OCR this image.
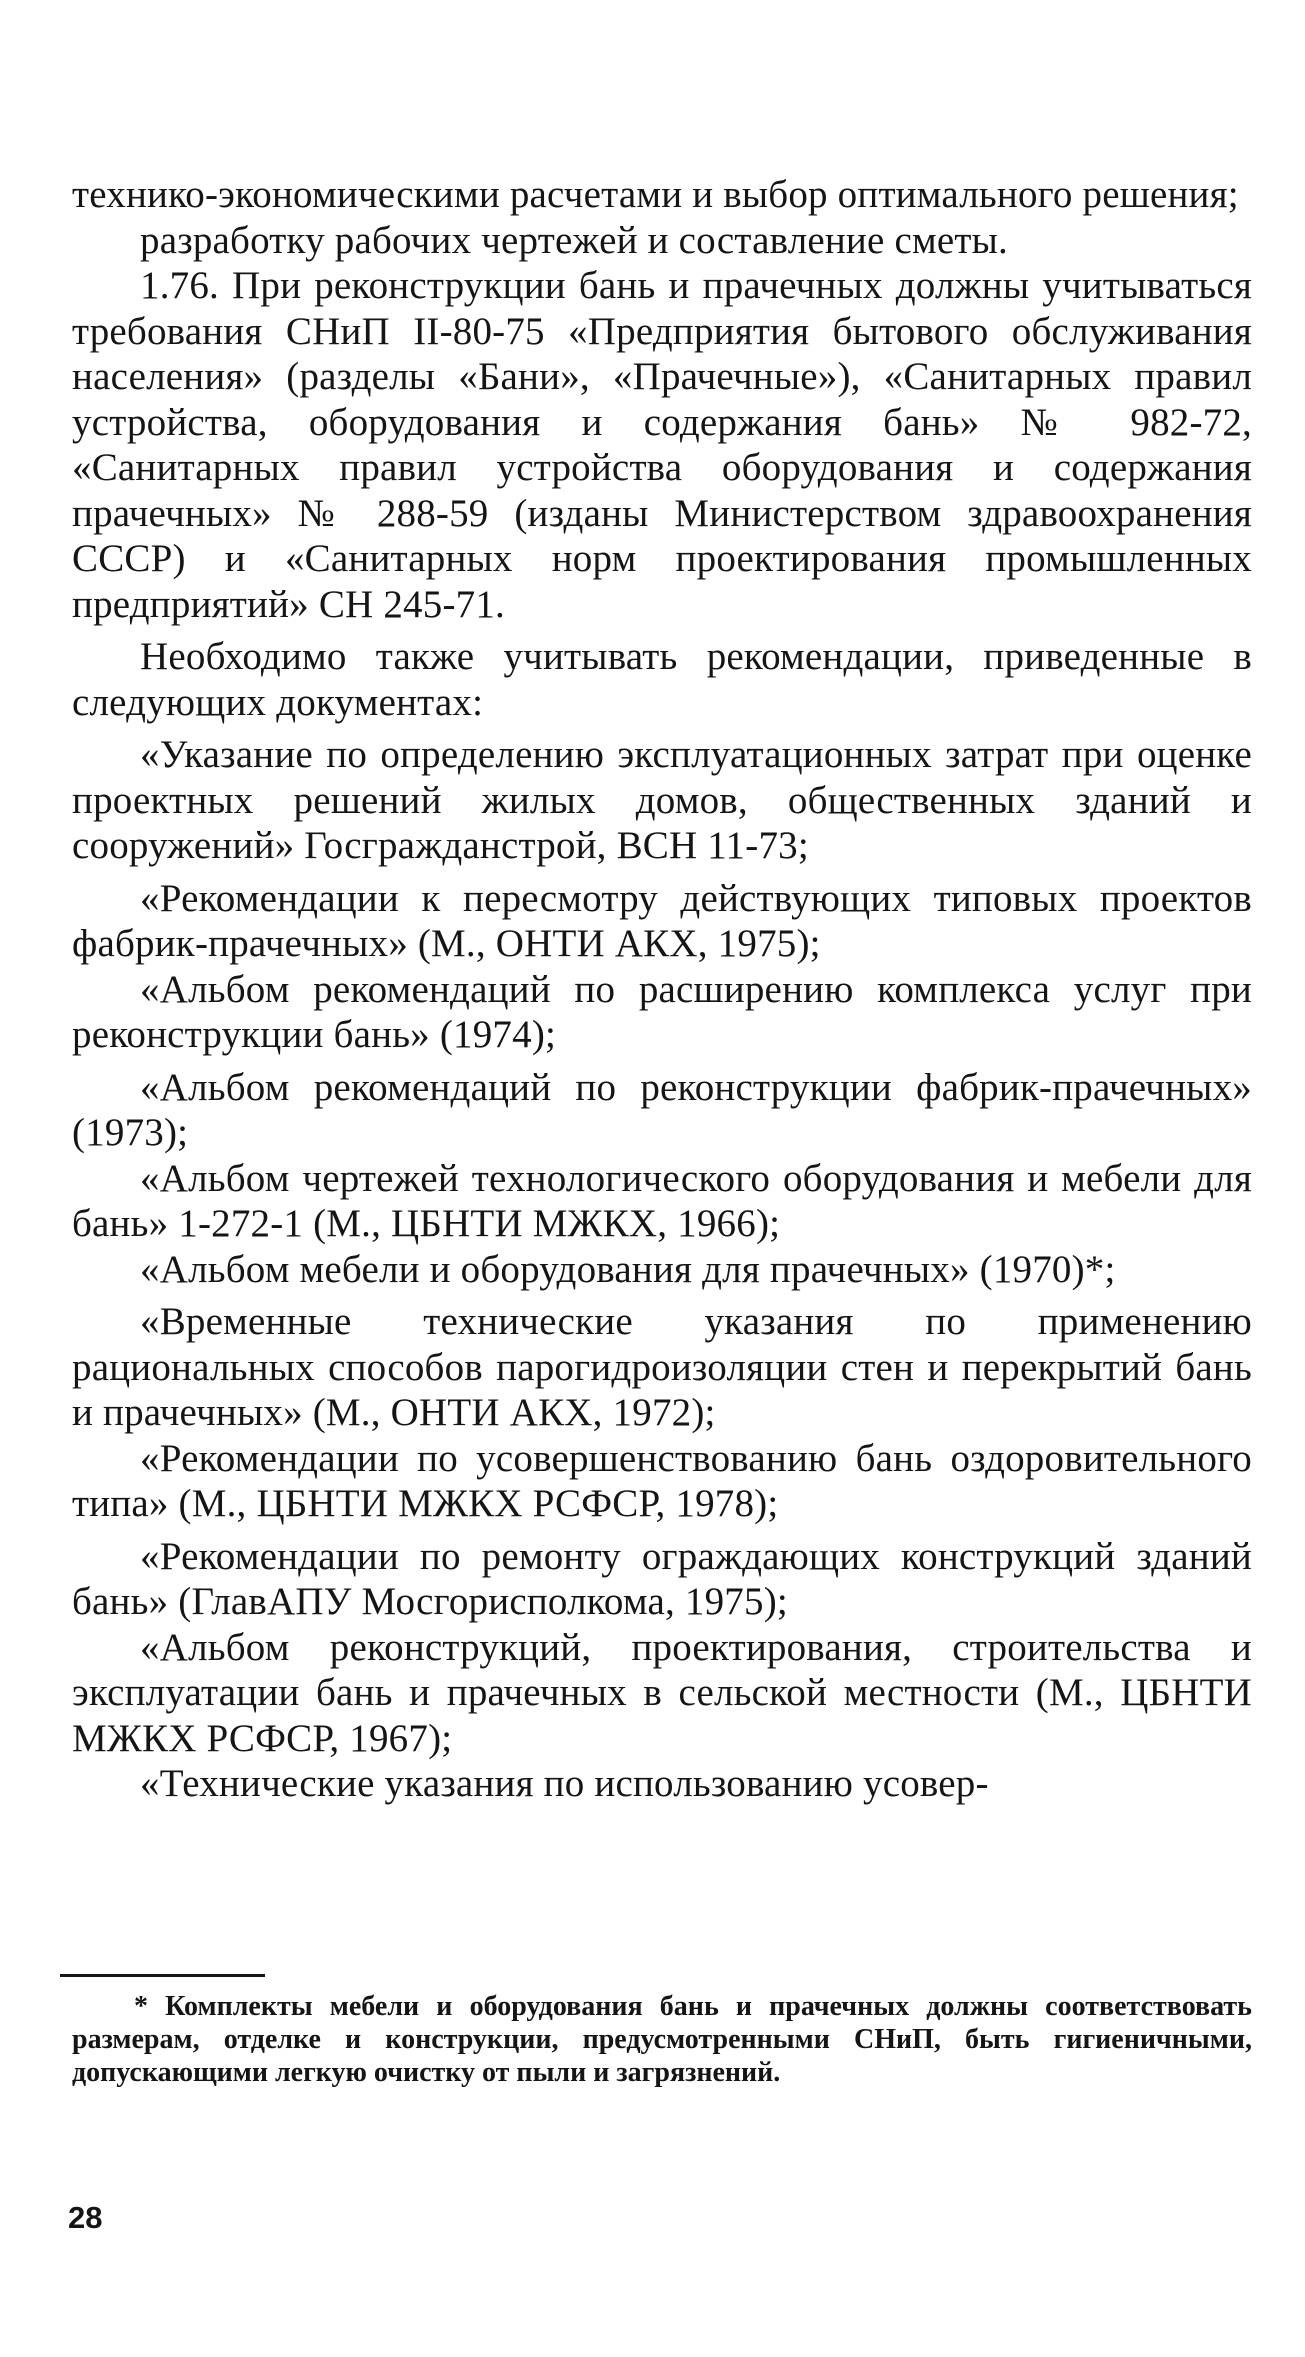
технико-экономическими расчетами и выбор оптимального решения;

разработку рабочих чертежей и составление сметы.

1.76. При реконструкции бань и прачечных должны учитываться требования СНиП II-80-75 «Предприятия бытового обслуживания населения» (разделы «Бани», «Прачечные»), «Санитарных правил устройства, оборудования и содержания бань» № 982-72, «Санитарных правил устройства оборудования и содержания прачечных» № 288-59 (изданы Министерством здравоохранения СССР) и «Санитарных норм проектирования промышленных предприятий» СН 245-71.

Необходимо также учитывать рекомендации, приведенные в следующих документах:

«Указание по определению эксплуатационных затрат при оценке проектных решений жилых домов, общественных зданий и сооружений» Госгражданстрой, ВСН 11-73;

«Рекомендации к пересмотру действующих типовых проектов фабрик-прачечных» (М., ОНТИ АКХ, 1975);

«Альбом рекомендаций по расширению комплекса услуг при реконструкции бань» (1974);

«Альбом рекомендаций по реконструкции фабрик-прачечных» (1973);

«Альбом чертежей технологического оборудования и мебели для бань» 1-272-1 (М., ЦБНТИ МЖКХ, 1966);

«Альбом мебели и оборудования для прачечных» (1970)*;

«Временные технические указания по применению рациональных способов парогидроизоляции стен и перекрытий бань и прачечных» (М., ОНТИ АКХ, 1972);

«Рекомендации по усовершенствованию бань оздоровительного типа» (М., ЦБНТИ МЖКХ РСФСР, 1978);

«Рекомендации по ремонту ограждающих конструкций зданий бань» (ГлавАПУ Мосгорисполкома, 1975);

«Альбом реконструкций, проектирования, строительства и эксплуатации бань и прачечных в сельской местности (М., ЦБНТИ МЖКХ РСФСР, 1967);

«Технические указания по использованию усовер-

* Комплекты мебели и оборудования бань и прачечных должны соответствовать размерам, отделке и конструкции, предусмотренными СНиП, быть гигиеничными, допускающими легкую очистку от пыли и загрязнений.

28
